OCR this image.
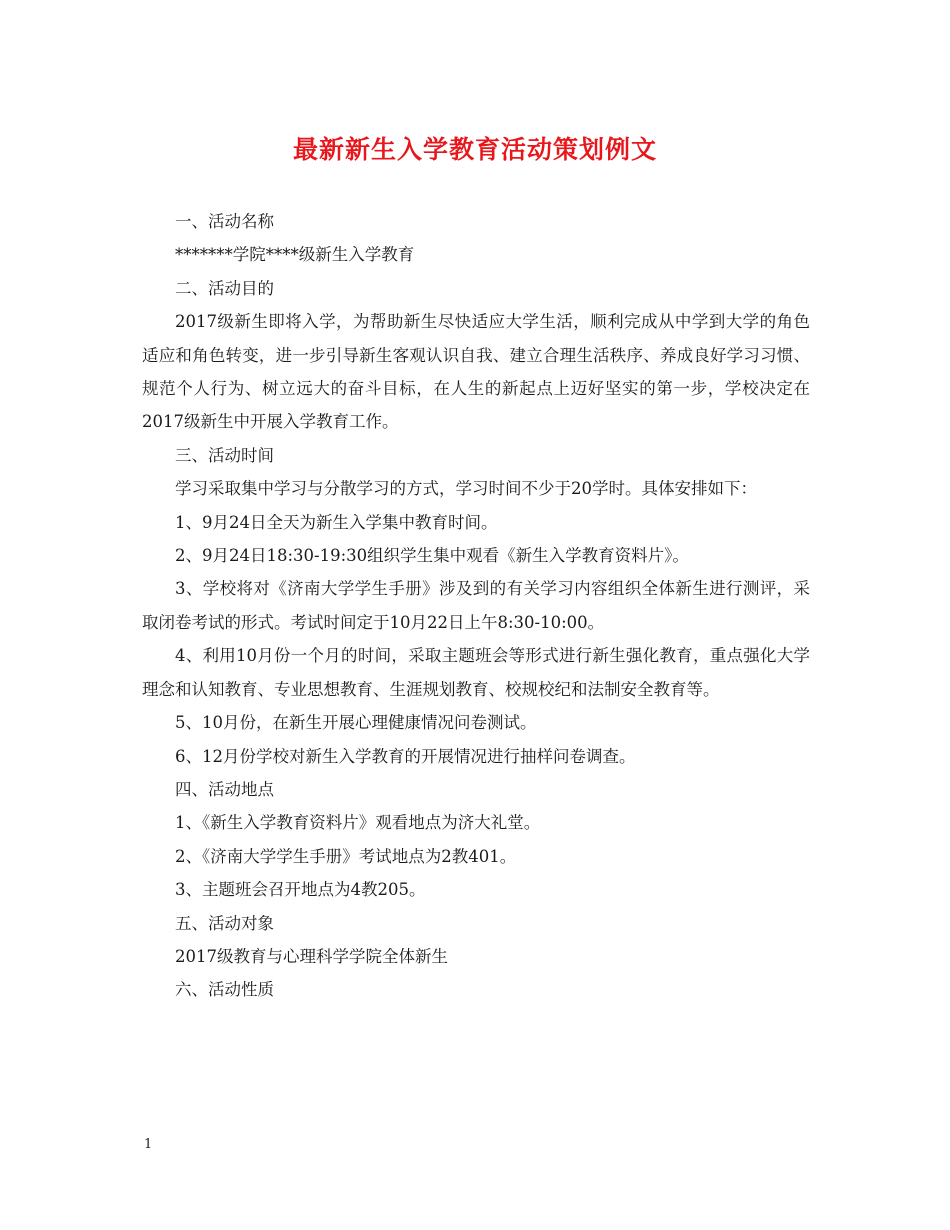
最新新生入学教育活动策划例文

一、活动名称

*******学院****级新生入学教育

二、活动目的

2017级新生即将入学，为帮助新生尽快适应大学生活，顺利完成从中学到大学的角色适应和角色转变，进一步引导新生客观认识自我、建立合理生活秩序、养成良好学习习惯、规范个人行为、树立远大的奋斗目标，在人生的新起点上迈好坚实的第一步，学校决定在2017级新生中开展入学教育工作。

三、活动时间

学习采取集中学习与分散学习的方式，学习时间不少于20学时。具体安排如下：

1、9月24日全天为新生入学集中教育时间。

2、9月24日18:30-19:30组织学生集中观看《新生入学教育资料片》。

3、学校将对《济南大学学生手册》涉及到的有关学习内容组织全体新生进行测评，采取闭卷考试的形式。考试时间定于10月22日上午8:30-10:00。

4、利用10月份一个月的时间，采取主题班会等形式进行新生强化教育，重点强化大学理念和认知教育、专业思想教育、生涯规划教育、校规校纪和法制安全教育等。

5、10月份，在新生开展心理健康情况问卷测试。

6、12月份学校对新生入学教育的开展情况进行抽样问卷调查。

四、活动地点

1、《新生入学教育资料片》观看地点为济大礼堂。

2、《济南大学学生手册》考试地点为2教401。

3、主题班会召开地点为4教205。

五、活动对象

2017级教育与心理科学学院全体新生

六、活动性质

1
